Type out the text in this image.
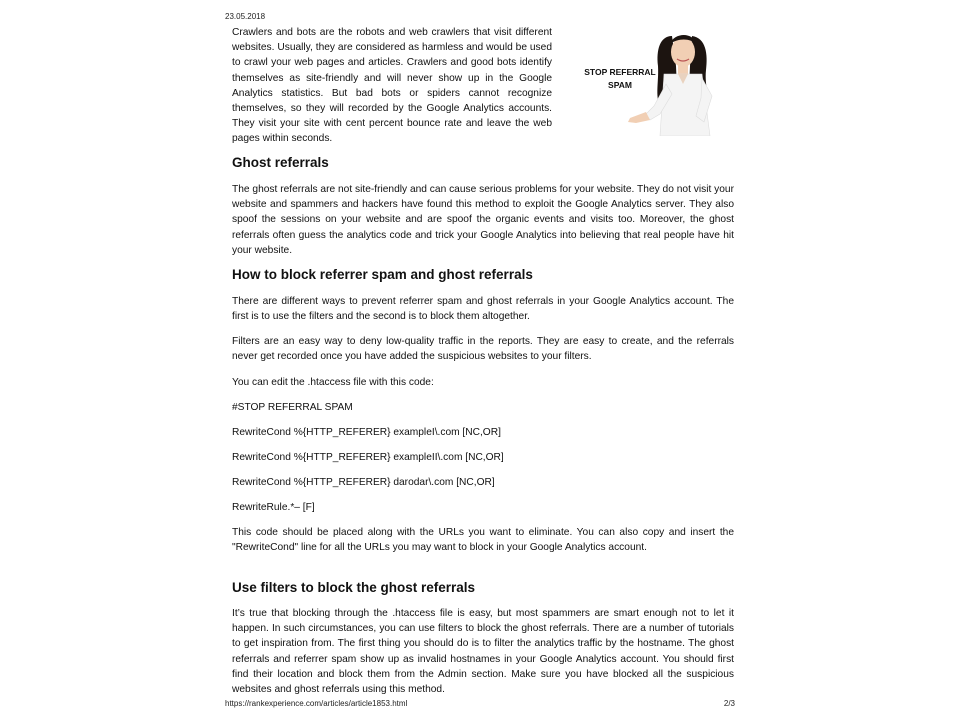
23.05.2018

Crawlers and bots are the robots and web crawlers that visit different websites. Usually, they are considered as harmless and would be used to crawl your web pages and articles. Crawlers and good bots identify themselves as site-friendly and will never show up in the Google Analytics statistics. But bad bots or spiders cannot recognize themselves, so they will recorded by the Google Analytics accounts. They visit your site with cent percent bounce rate and leave the web pages within seconds.

STOP REFERRAL
SPAM
Ghost referrals

The ghost referrals are not site-friendly and can cause serious problems for your website. They do not visit your website and spammers and hackers have found this method to exploit the Google Analytics server. They also spoof the sessions on your website and are spoof the organic events and visits too. Moreover, the ghost referrals often guess the analytics code and trick your Google Analytics into believing that real people have hit your website.

How to block referrer spam and ghost referrals

There are different ways to prevent referrer spam and ghost referrals in your Google Analytics account. The first is to use the filters and the second is to block them altogether.

Filters are an easy way to deny low-quality traffic in the reports. They are easy to create, and the referrals never get recorded once you have added the suspicious websites to your filters.

You can edit the .htaccess file with this code:

#STOP REFERRAL SPAM
RewriteCond %{HTTP_REFERER} exampleI\.com [NC,OR]
RewriteCond %{HTTP_REFERER} exampleII\.com [NC,OR]
RewriteCond %{HTTP_REFERER} darodar\.com [NC,OR]
RewriteRule.*– [F]

This code should be placed along with the URLs you want to eliminate. You can also copy and insert the "RewriteCond" line for all the URLs you may want to block in your Google Analytics account.

Use filters to block the ghost referrals

It’s true that blocking through the .htaccess file is easy, but most spammers are smart enough not to let it happen. In such circumstances, you can use filters to block the ghost referrals. There are a number of tutorials to get inspiration from. The first thing you should do is to filter the analytics traffic by the hostname. The ghost referrals and referrer spam show up as invalid hostnames in your Google Analytics account. You should first find their location and block them from the Admin section. Make sure you have blocked all the suspicious websites and ghost referrals using this method.

https://rankexperience.com/articles/article1853.html	2/3
